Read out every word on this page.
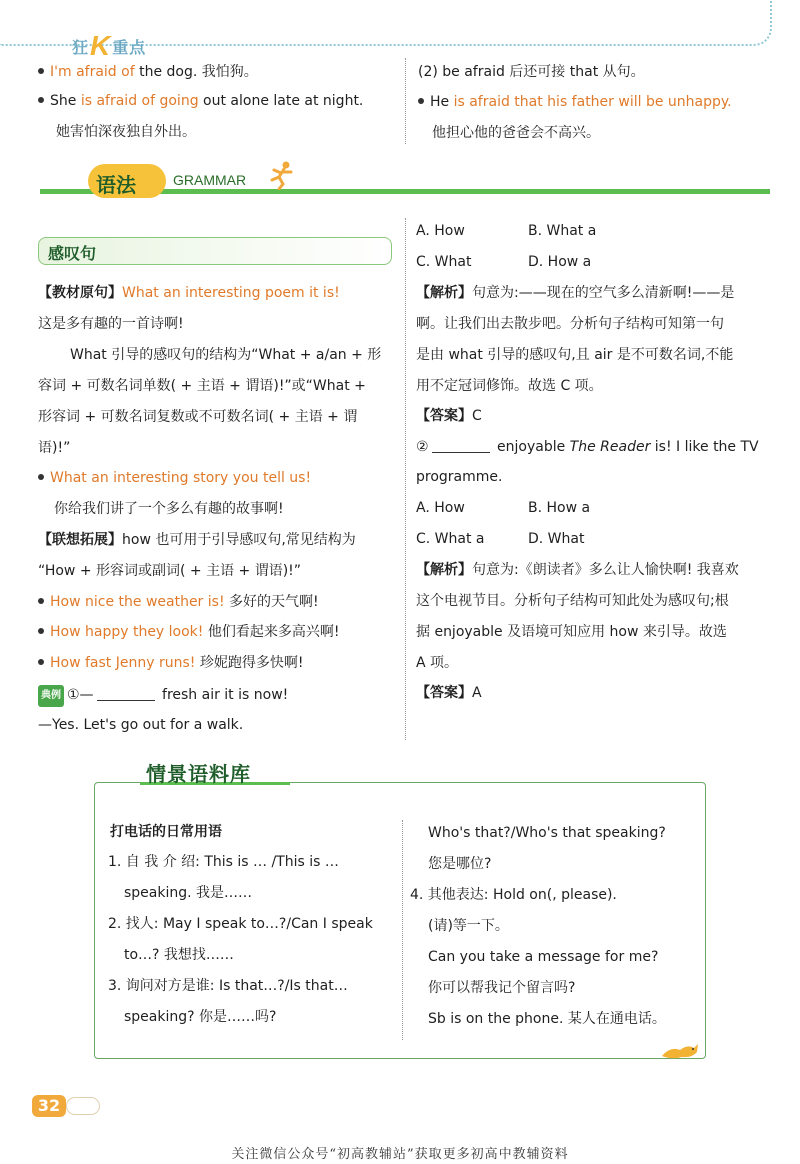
狂K重点
I'm afraid of the dog. 我怕狗。
She is afraid of going out alone late at night.
她害怕深夜独自外出。
(2) be afraid 后还可接 that 从句。
He is afraid that his father will be unhappy.
他担心他的爸爸会不高兴。
语法	GRAMMAR
感叹句
【教材原句】What an interesting poem it is!
这是多有趣的一首诗啊!
What 引导的感叹句的结构为“What + a/an + 形
容词 + 可数名词单数( + 主语 + 谓语)!”或“What +
形容词 + 可数名词复数或不可数名词( + 主语 + 谓
语)!”
What an interesting story you tell us!
你给我们讲了一个多么有趣的故事啊!
【联想拓展】how 也可用于引导感叹句,常见结构为
“How + 形容词或副词( + 主语 + 谓语)!”
How nice the weather is! 多好的天气啊!
How happy they look! 他们看起来多高兴啊!
How fast Jenny runs! 珍妮跑得多快啊!
典例 ①—	fresh air it is now!
—Yes. Let's go out for a walk.
A. How	B. What a
C. What	D. How a
【解析】句意为:——现在的空气多么清新啊!——是
啊。让我们出去散步吧。分析句子结构可知第一句
是由 what 引导的感叹句,且 air 是不可数名词,不能
用不定冠词修饰。故选 C 项。
【答案】C
②	enjoyable The Reader is! I like the TV
programme.
A. How	B. How a
C. What a	D. What
【解析】句意为:《朗读者》多么让人愉快啊! 我喜欢
这个电视节目。分析句子结构可知此处为感叹句;根
据 enjoyable 及语境可知应用 how 来引导。故选
A 项。
【答案】A
情景语料库
打电话的日常用语
1. 自 我 介 绍: This is … /This is …
speaking. 我是……
2. 找人: May I speak to…?/Can I speak
to…? 我想找……
3. 询问对方是谁: Is that…?/Is that…
speaking? 你是……吗?
Who's that?/Who's that speaking?
您是哪位?
4. 其他表达: Hold on(, please).
(请)等一下。
Can you take a message for me?
你可以帮我记个留言吗?
Sb is on the phone. 某人在通电话。
32
关注微信公众号“初高教辅站”获取更多初高中教辅资料
